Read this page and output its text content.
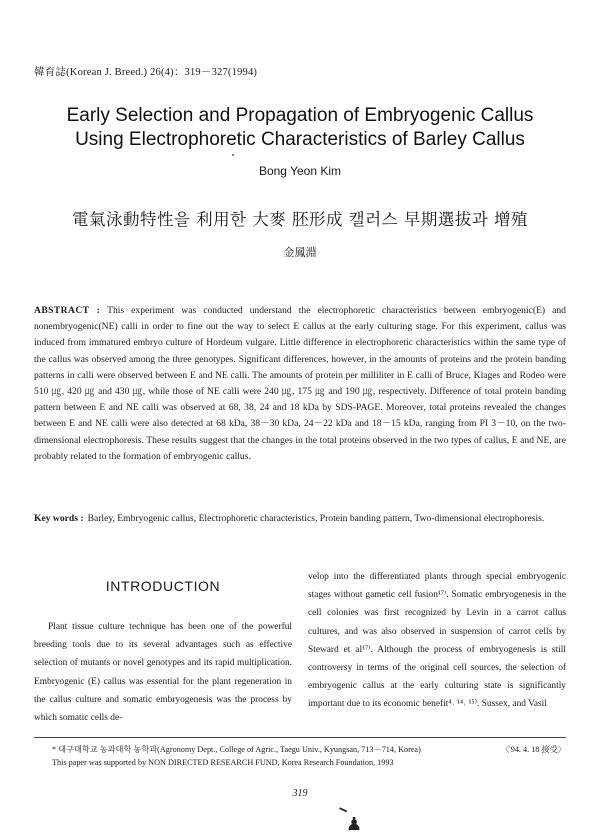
韓育誌(Korean J. Breed.) 26(4)：319－327(1994)
Early Selection and Propagation of Embryogenic Callus
Using Electrophoretic Characteristics of Barley Callus
Bong Yeon Kim
電氣泳動特性을 利用한 大麥 胚形成 캘러스 早期選拔과 增殖
金鳳淵
ABSTRACT : This experiment was conducted understand the electrophoretic characteristics between embryogenic(E) and nonembryogenic(NE) calli in order to fine out the way to select E callus at the early culturing stage. For this experiment, callus was induced from immatured embryo culture of Hordeum vulgare. Little difference in electrophoretic characteristics within the same type of the callus was observed among the three genotypes. Significant differences, however, in the amounts of proteins and the protein banding patterns in calli were observed between E and NE calli. The amounts of protein per milliliter in E calli of Bruce, Klages and Rodeo were 510 ㎍, 420 ㎍ and 430 ㎍, while those of NE calli were 240 ㎍, 175 ㎍ and 190 ㎍, respectively. Difference of total protein banding pattern between E and NE calli was observed at 68, 38, 24 and 18 kDa by SDS-PAGE. Moreover, total proteins revealed the changes between E and NE calli were also detected at 68 kDa, 38－30 kDa, 24－22 kDa and 18－15 kDa, ranging from PI 3－10, on the two-dimensional electrophoresis. These results suggest that the changes in the total proteins observed in the two types of callus, E and NE, are probably related to the formation of embryogenic callus.
Key words : Barley, Embryogenic callus, Electrophoretic characteristics, Protein banding pattern, Two-dimensional electrophoresis.
INTRODUCTION

Plant tissue culture technique has been one of the powerful breeding tools due to its several advantages such as effective selection of mutants or novel genotypes and its rapid multiplication. Embryogenic (E) callus was essential for the plant regeneration in the callus culture and somatic embryogenesis was the process by which somatic cells de-

velop into the differentiated plants through special embryogenic stages without gametic cell fusion¹⁷⁾. Somatic embryogenesis in the cell colonies was first recognized by Levin in a carrot callus cultures, and was also observed in suspension of carrot cells by Steward et al¹⁷⁾. Although the process of embryogenesis is still controversy in terms of the original cell sources, the selection of embryogenic callus at the early culturing state is significantly important due to its economic benefit⁴˒ ¹⁴˒ ¹⁵⁾. Sussex, and Vasil

* 대구대학교 농과대학 농학과(Agronomy Dept., College of Agric., Taegu Univ., Kyungsan, 713－714, Korea)	〈'94. 4. 18 接受〉
This paper was supported by NON DIRECTED RESEARCH FUND, Korea Research Foundation, 1993
319
♟
